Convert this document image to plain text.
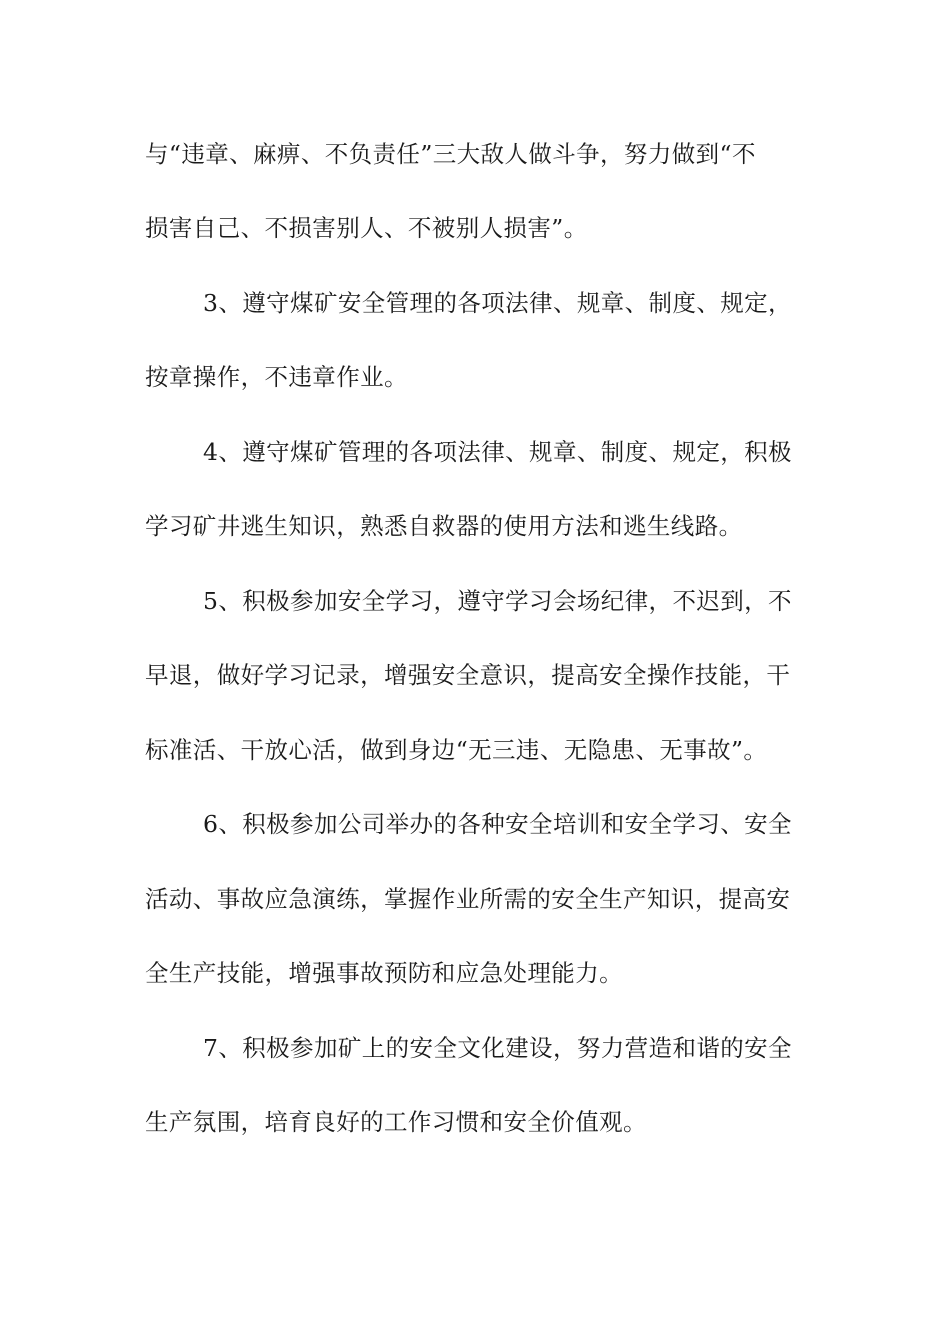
与“违章、麻痹、不负责任”三大敌人做斗争，努力做到“不
损害自己、不损害别人、不被别人损害”。
3、遵守煤矿安全管理的各项法律、规章、制度、规定，
按章操作，不违章作业。
4、遵守煤矿管理的各项法律、规章、制度、规定，积极
学习矿井逃生知识，熟悉自救器的使用方法和逃生线路。
5、积极参加安全学习，遵守学习会场纪律，不迟到，不
早退，做好学习记录，增强安全意识，提高安全操作技能，干
标准活、干放心活，做到身边“无三违、无隐患、无事故”。
6、积极参加公司举办的各种安全培训和安全学习、安全
活动、事故应急演练，掌握作业所需的安全生产知识，提高安
全生产技能，增强事故预防和应急处理能力。
7、积极参加矿上的安全文化建设，努力营造和谐的安全
生产氛围，培育良好的工作习惯和安全价值观。
